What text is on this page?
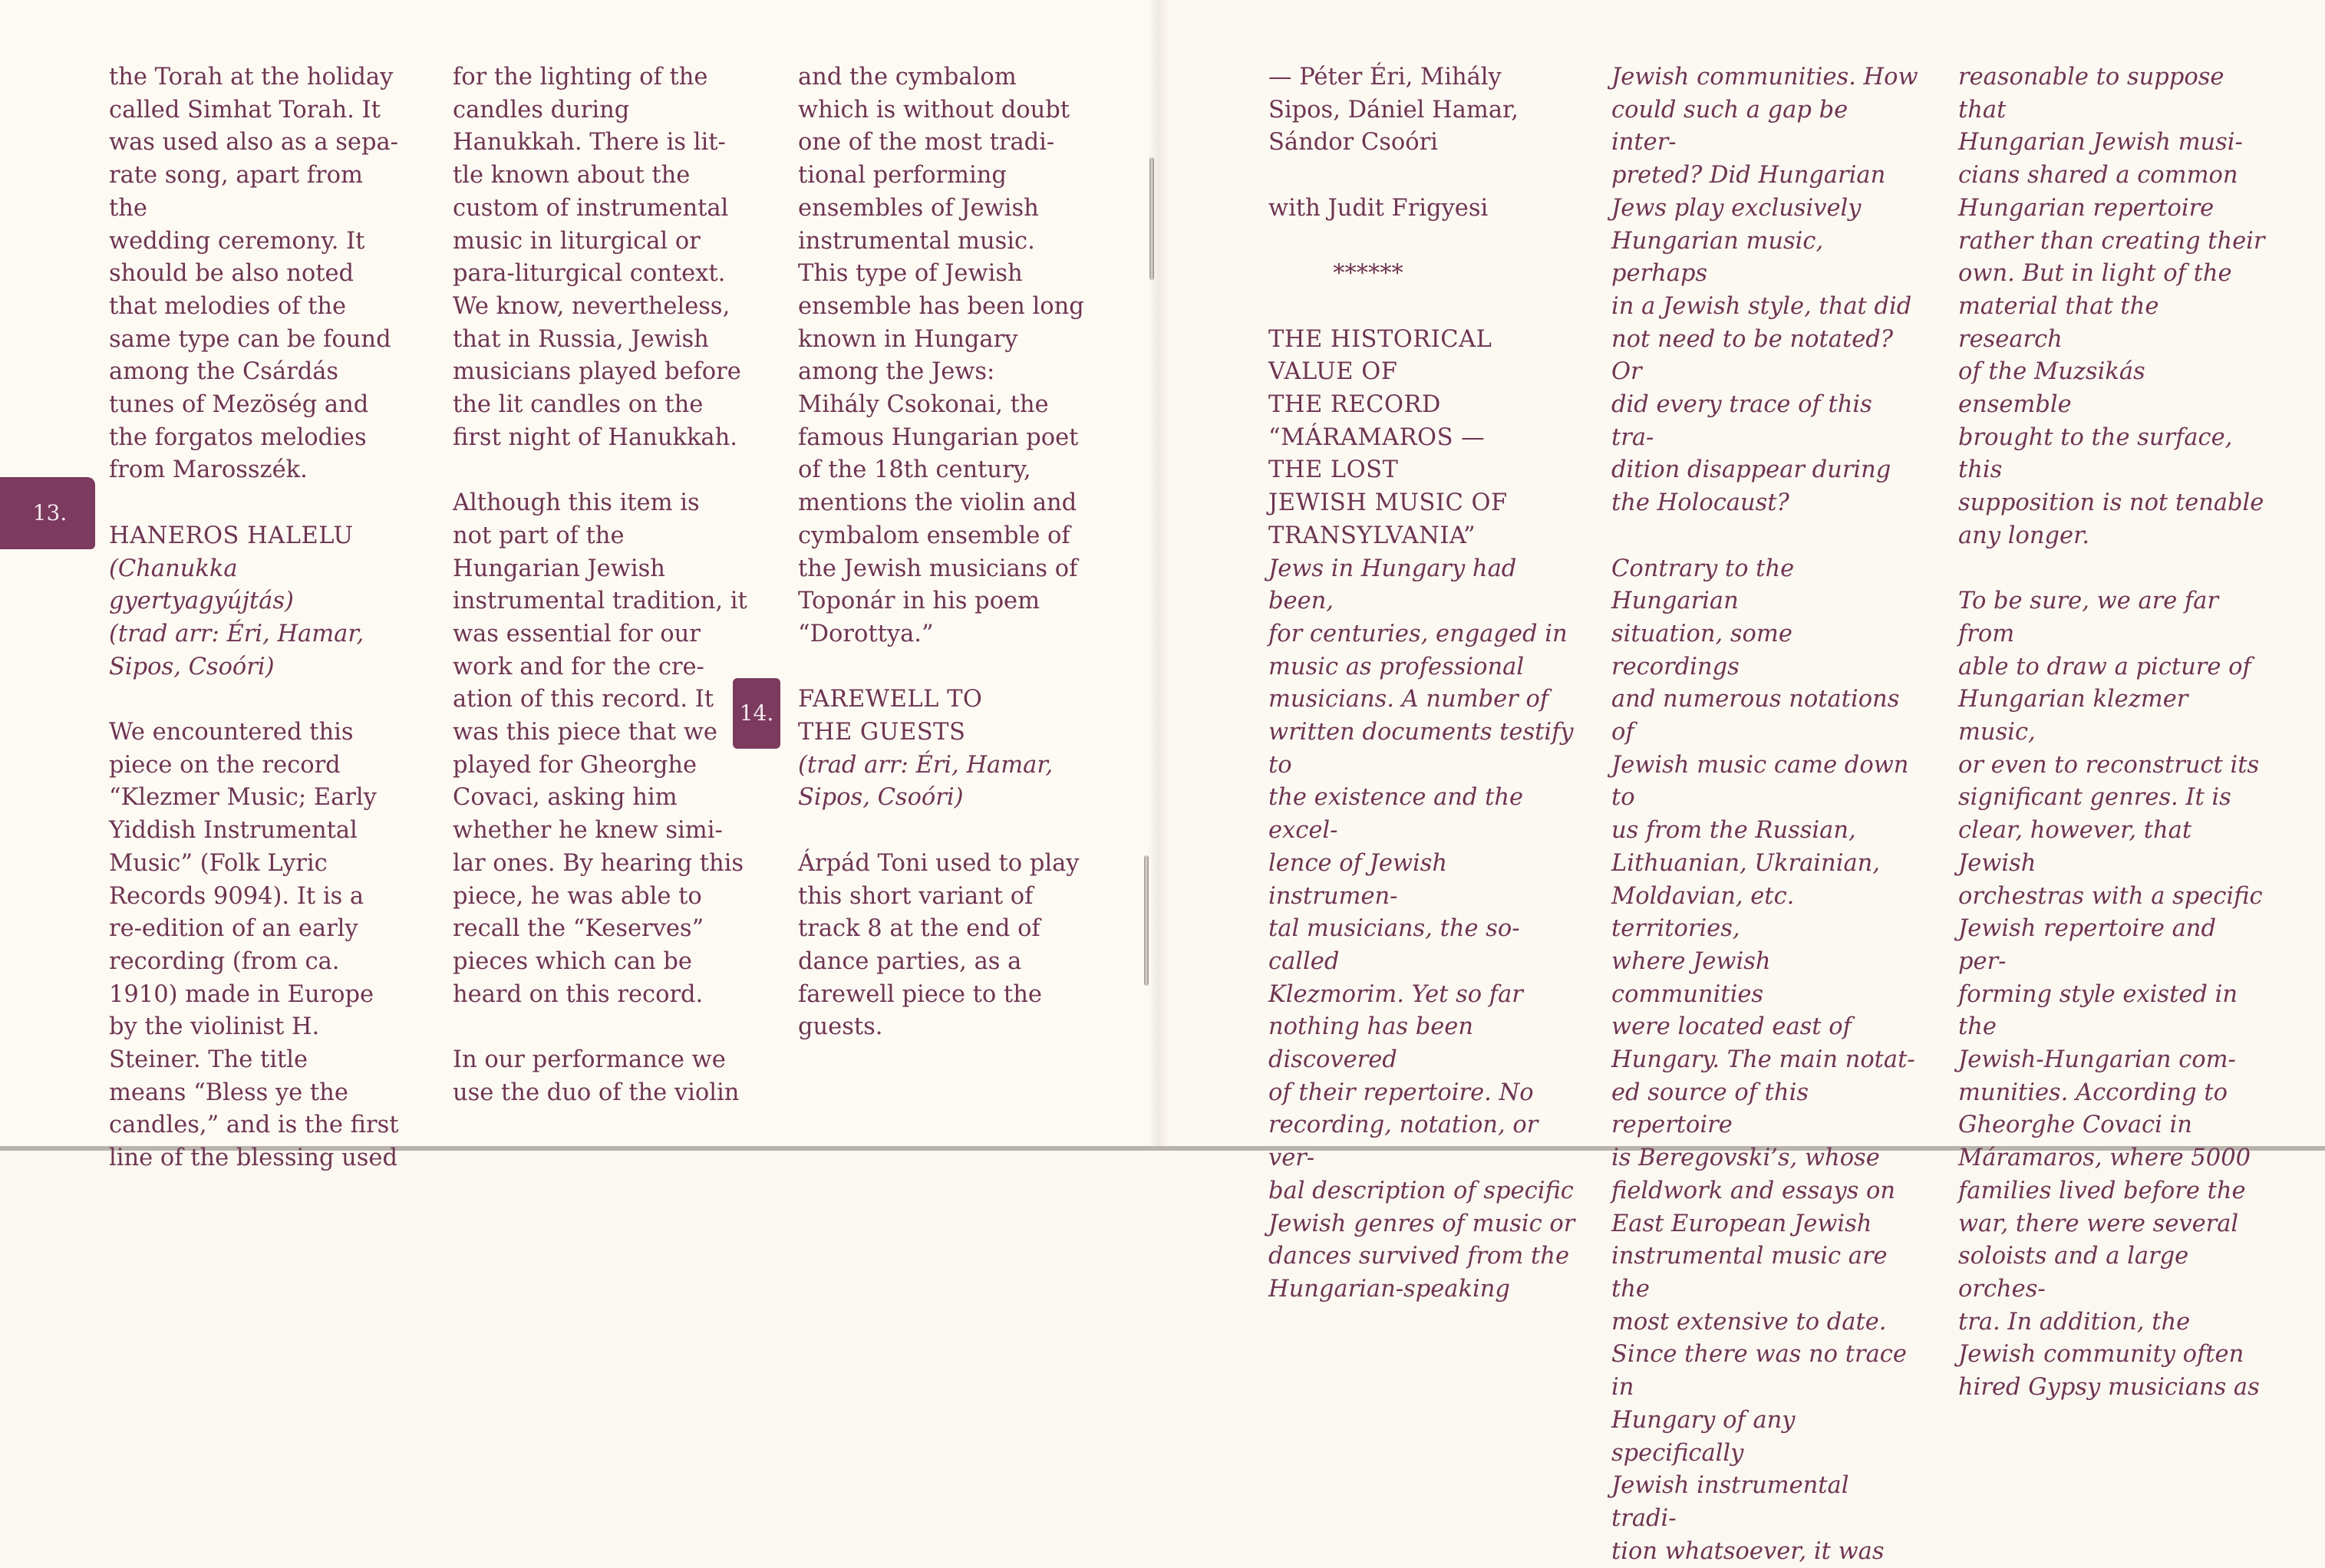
13.
14.

the Torah at the holiday
called Simhat Torah. It
was used also as a sepa-
rate song, apart from the
wedding ceremony. It
should be also noted
that melodies of the
same type can be found
among the Csárdás
tunes of Mezöség and
the forgatos melodies
from Marosszék.

HANEROS HALELU

(Chanukka gyertyagyújtás)
(trad arr: Éri, Hamar,
Sipos, Csoóri)

We encountered this
piece on the record
“Klezmer Music; Early
Yiddish Instrumental
Music” (Folk Lyric
Records 9094). It is a
re-edition of an early
recording (from ca.
1910) made in Europe
by the violinist H.
Steiner. The title
means “Bless ye the
candles,” and is the first
line of the blessing used

for the lighting of the
candles during
Hanukkah. There is lit-
tle known about the
custom of instrumental
music in liturgical or
para-liturgical context.
We know, nevertheless,
that in Russia, Jewish
musicians played before
the lit candles on the
first night of Hanukkah.

Although this item is
not part of the
Hungarian Jewish
instrumental tradition, it
was essential for our
work and for the cre-
ation of this record. It
was this piece that we
played for Gheorghe
Covaci, asking him
whether he knew simi-
lar ones. By hearing this
piece, he was able to
recall the “Keserves”
pieces which can be
heard on this record.

In our performance we
use the duo of the violin

and the cymbalom
which is without doubt
one of the most tradi-
tional performing
ensembles of Jewish
instrumental music.
This type of Jewish
ensemble has been long
known in Hungary
among the Jews:
Mihály Csokonai, the
famous Hungarian poet
of the 18th century,
mentions the violin and
cymbalom ensemble of
the Jewish musicians of
Toponár in his poem
“Dorottya.”

FAREWELL TO
THE GUESTS

(trad arr: Éri, Hamar,
Sipos, Csoóri)

Árpád Toni used to play
this short variant of
track 8 at the end of
dance parties, as a
farewell piece to the
guests.

— Péter Éri, Mihály
Sipos, Dániel Hamar,
Sándor Csoóri

with Judit Frigyesi

******

THE HISTORICAL
VALUE OF
THE RECORD
“MÁRAMAROS —
THE LOST
JEWISH MUSIC OF
TRANSYLVANIA”

Jews in Hungary had been,
for centuries, engaged in
music as professional
musicians. A number of
written documents testify to
the existence and the excel-
lence of Jewish instrumen-
tal musicians, the so-called
Klezmorim. Yet so far
nothing has been discovered
of their repertoire. No
recording, notation, or ver-
bal description of specific
Jewish genres of music or
dances survived from the
Hungarian-speaking

Jewish communities. How
could such a gap be inter-
preted? Did Hungarian
Jews play exclusively
Hungarian music, perhaps
in a Jewish style, that did
not need to be notated? Or
did every trace of this tra-
dition disappear during
the Holocaust?

Contrary to the Hungarian
situation, some recordings
and numerous notations of
Jewish music came down to
us from the Russian,
Lithuanian, Ukrainian,
Moldavian, etc. territories,
where Jewish communities
were located east of
Hungary. The main notat-
ed source of this repertoire
is Beregovski’s, whose
fieldwork and essays on
East European Jewish
instrumental music are the
most extensive to date.
Since there was no trace in
Hungary of any specifically
Jewish instrumental tradi-
tion whatsoever, it was

reasonable to suppose that
Hungarian Jewish musi-
cians shared a common
Hungarian repertoire
rather than creating their
own. But in light of the
material that the research
of the Muzsikás ensemble
brought to the surface, this
supposition is not tenable
any longer.

To be sure, we are far from
able to draw a picture of
Hungarian klezmer music,
or even to reconstruct its
significant genres. It is
clear, however, that Jewish
orchestras with a specific
Jewish repertoire and per-
forming style existed in the
Jewish-Hungarian com-
munities. According to
Gheorghe Covaci in
Máramaros, where 5000
families lived before the
war, there were several
soloists and a large orches-
tra. In addition, the
Jewish community often
hired Gypsy musicians as
